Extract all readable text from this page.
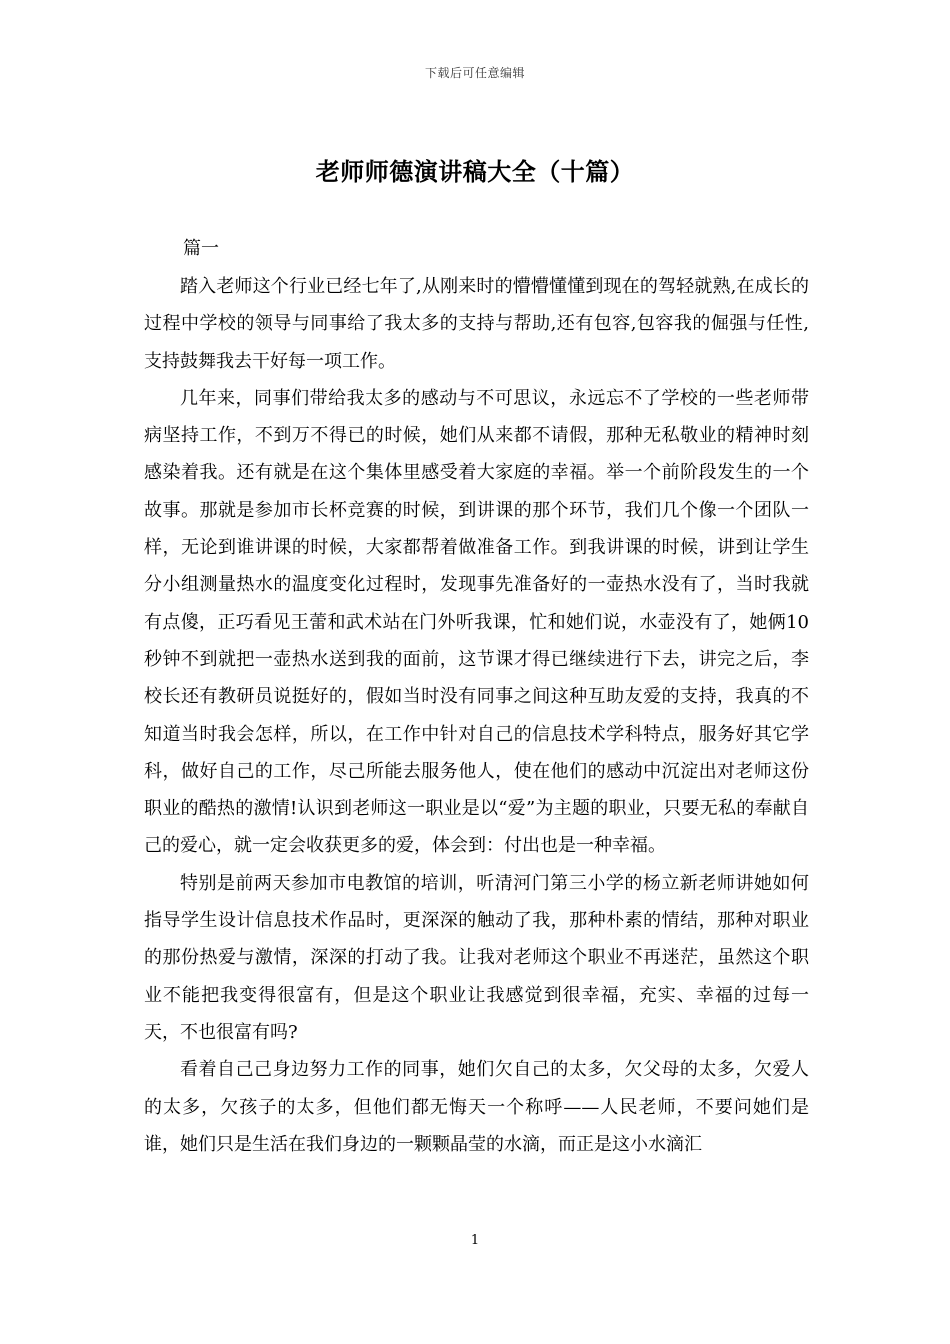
下载后可任意编辑
老师师德演讲稿大全（十篇）

篇一

踏入老师这个行业已经七年了,从刚来时的懵懵懂懂到现在的驾轻就熟,在成长的过程中学校的领导与同事给了我太多的支持与帮助,还有包容,包容我的倔强与任性,支持鼓舞我去干好每一项工作。

几年来，同事们带给我太多的感动与不可思议，永远忘不了学校的一些老师带病坚持工作，不到万不得已的时候，她们从来都不请假，那种无私敬业的精神时刻感染着我。还有就是在这个集体里感受着大家庭的幸福。举一个前阶段发生的一个故事。那就是参加市长杯竞赛的时候，到讲课的那个环节，我们几个像一个团队一样，无论到谁讲课的时候，大家都帮着做准备工作。到我讲课的时候，讲到让学生分小组测量热水的温度变化过程时，发现事先准备好的一壶热水没有了，当时我就有点傻，正巧看见王蕾和武术站在门外听我课，忙和她们说，水壶没有了，她俩10秒钟不到就把一壶热水送到我的面前，这节课才得已继续进行下去，讲完之后，李校长还有教研员说挺好的，假如当时没有同事之间这种互助友爱的支持，我真的不知道当时我会怎样，所以，在工作中针对自己的信息技术学科特点，服务好其它学科，做好自己的工作，尽己所能去服务他人，使在他们的感动中沉淀出对老师这份职业的酷热的激情!认识到老师这一职业是以“爱”为主题的职业，只要无私的奉献自己的爱心，就一定会收获更多的爱，体会到：付出也是一种幸福。

特别是前两天参加市电教馆的培训，听清河门第三小学的杨立新老师讲她如何指导学生设计信息技术作品时，更深深的触动了我，那种朴素的情结，那种对职业的那份热爱与激情，深深的打动了我。让我对老师这个职业不再迷茫，虽然这个职业不能把我变得很富有，但是这个职业让我感觉到很幸福，充实、幸福的过每一天，不也很富有吗?

看着自己己身边努力工作的同事，她们欠自己的太多，欠父母的太多，欠爱人的太多，欠孩子的太多，但他们都无悔天一个称呼——人民老师，不要问她们是谁，她们只是生活在我们身边的一颗颗晶莹的水滴，而正是这小水滴汇

1
